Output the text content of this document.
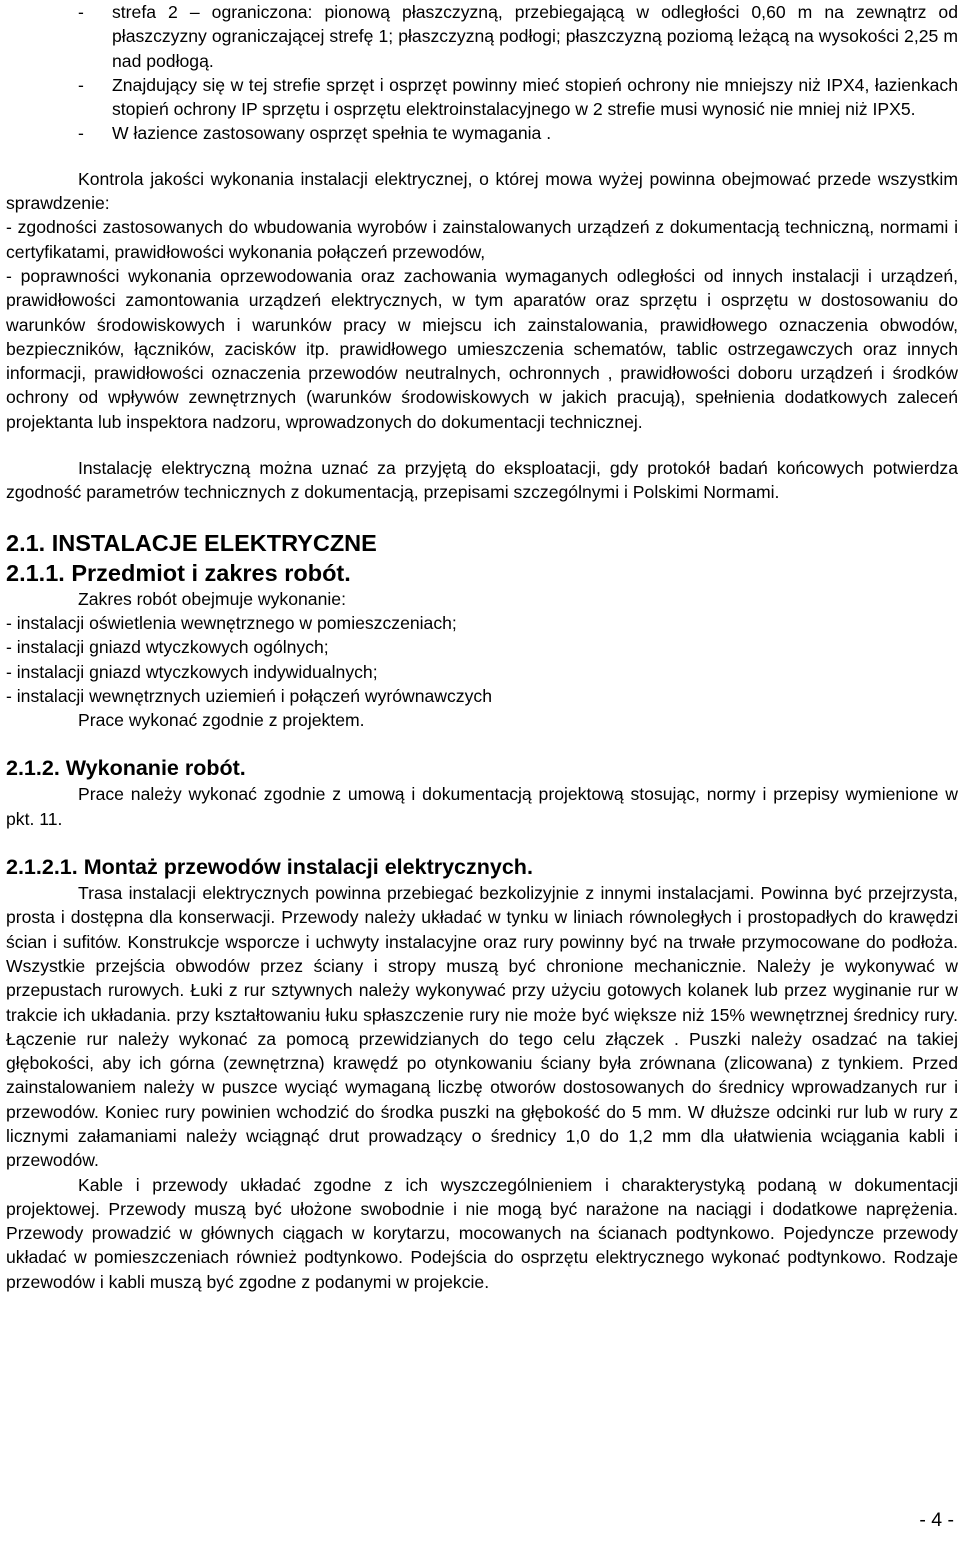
- strefa 2 – ograniczona: pionową płaszczyzną, przebiegającą w odległości 0,60 m na zewnątrz od płaszczyzny ograniczającej strefę 1; płaszczyzną podłogi; płaszczyzną poziomą leżącą na wysokości 2,25 m nad podłogą.
- Znajdujący się w tej strefie sprzęt i osprzęt powinny mieć stopień ochrony nie mniejszy niż IPX4, łazienkach stopień ochrony IP sprzętu i osprzętu elektroinstalacyjnego w 2 strefie musi wynosić nie mniej niż IPX5.
- W łazience zastosowany osprzęt spełnia te wymagania .

Kontrola jakości wykonania instalacji elektrycznej, o której mowa wyżej powinna obejmować przede wszystkim sprawdzenie:

- zgodności zastosowanych do wbudowania wyrobów i zainstalowanych urządzeń z dokumentacją techniczną, normami i certyfikatami, prawidłowości wykonania połączeń przewodów,

- poprawności wykonania oprzewodowania oraz zachowania wymaganych odległości od innych instalacji i urządzeń, prawidłowości zamontowania urządzeń elektrycznych, w tym aparatów oraz sprzętu i osprzętu w dostosowaniu do warunków środowiskowych i warunków pracy w miejscu ich zainstalowania, prawidłowego oznaczenia obwodów, bezpieczników, łączników, zacisków itp. prawidłowego umieszczenia schematów, tablic ostrzegawczych oraz innych informacji, prawidłowości oznaczenia przewodów neutralnych, ochronnych , prawidłowości doboru urządzeń i środków ochrony od wpływów zewnętrznych (warunków środowiskowych w jakich pracują), spełnienia dodatkowych zaleceń projektanta lub inspektora nadzoru, wprowadzonych do dokumentacji technicznej.

Instalację elektryczną można uznać za przyjętą do eksploatacji, gdy protokół badań końcowych potwierdza zgodność parametrów technicznych z dokumentacją, przepisami szczególnymi i Polskimi Normami.

2.1. INSTALACJE ELEKTRYCZNE
2.1.1. Przedmiot i zakres robót.

Zakres robót obejmuje wykonanie:

- instalacji oświetlenia wewnętrznego w pomieszczeniach;

- instalacji gniazd wtyczkowych ogólnych;

- instalacji gniazd wtyczkowych indywidualnych;

- instalacji wewnętrznych uziemień i połączeń wyrównawczych

Prace wykonać zgodnie z projektem.

2.1.2. Wykonanie robót.

Prace należy wykonać zgodnie z umową i dokumentacją projektową stosując, normy i przepisy wymienione w pkt. 11.

2.1.2.1. Montaż przewodów instalacji elektrycznych.

Trasa instalacji elektrycznych powinna przebiegać bezkolizyjnie z innymi instalacjami. Powinna być przejrzysta, prosta i dostępna dla konserwacji. Przewody należy układać w tynku w liniach równoległych i prostopadłych do krawędzi ścian i sufitów. Konstrukcje wsporcze i uchwyty instalacyjne oraz rury powinny być na trwałe przymocowane do podłoża. Wszystkie przejścia obwodów przez ściany i stropy muszą być chronione mechanicznie. Należy je wykonywać w przepustach rurowych. Łuki z rur sztywnych należy wykonywać przy użyciu gotowych kolanek lub przez wyginanie rur w trakcie ich układania. przy kształtowaniu łuku spłaszczenie rury nie może być większe niż 15% wewnętrznej średnicy rury. Łączenie rur należy wykonać za pomocą przewidzianych do tego celu złączek . Puszki należy osadzać na takiej głębokości, aby ich górna (zewnętrzna) krawędź po otynkowaniu ściany była zrównana (zlicowana) z tynkiem. Przed zainstalowaniem należy w puszce wyciąć wymaganą liczbę otworów dostosowanych do średnicy wprowadzanych rur i przewodów. Koniec rury powinien wchodzić do środka puszki na głębokość do 5 mm. W dłuższe odcinki rur lub w rury z licznymi załamaniami należy wciągnąć drut prowadzący o średnicy 1,0 do 1,2 mm dla ułatwienia wciągania kabli i przewodów.

Kable i przewody układać zgodne z ich wyszczególnieniem i charakterystyką podaną w dokumentacji projektowej. Przewody muszą być ułożone swobodnie i nie mogą być narażone na naciągi i dodatkowe naprężenia. Przewody prowadzić w głównych ciągach w korytarzu, mocowanych na ścianach podtynkowo. Pojedyncze przewody układać w pomieszczeniach również podtynkowo. Podejścia do osprzętu elektrycznego wykonać podtynkowo. Rodzaje przewodów i kabli muszą być zgodne z podanymi w projekcie.

- 4 -
